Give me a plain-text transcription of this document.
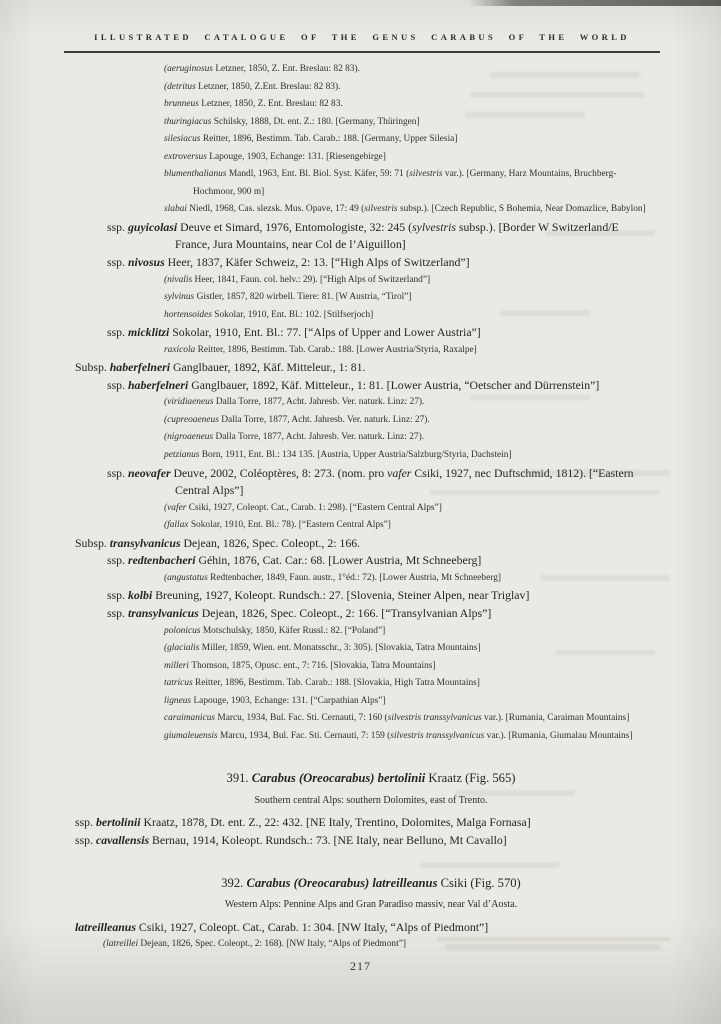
ILLUSTRATED CATALOGUE OF THE GENUS CARABUS OF THE WORLD
(aeruginosus Letzner, 1850, Z. Ent. Breslau: 82 83).
(detritus Letzner, 1850, Z.Ent. Breslau: 82 83).
brunneus Letzner, 1850, Z. Ent. Breslau: 82 83.
thuringiacus Schilsky, 1888, Dt. ent. Z.: 180. [Germany, Thüringen]
silesiacus Reitter, 1896, Bestimm. Tab. Carab.: 188. [Germany, Upper Silesia]
extroversus Lapouge, 1903, Echange: 131. [Riesengebirge]
blumenthalianus Mandl, 1963, Ent. Bl. Biol. Syst. Käfer, 59: 71 (silvestris var.). [Germany, Harz Mountains, Bruchberg-
Hochmoor, 900 m]
slabai Niedl, 1968, Cas. slezsk. Mus. Opave, 17: 49 (silvestris subsp.). [Czech Republic, S Bohemia, Near Domazlice, Babylon]
ssp. guyicolasi Deuve et Simard, 1976, Entomologiste, 32: 245 (sylvestris subsp.). [Border W Switzerland/E
France, Jura Mountains, near Col de l’Aiguillon]
ssp. nivosus Heer, 1837, Käfer Schweiz, 2: 13. [“High Alps of Switzerland”]
(nivalis Heer, 1841, Faun. col. helv.: 29). [“High Alps of Switzerland”]
sylvinus Gistler, 1857, 820 wirbell. Tiere: 81. [W Austria, “Tirol”]
hortensoides Sokolar, 1910, Ent. Bl.: 102. [Stilfserjoch]
ssp. micklitzi Sokolar, 1910, Ent. Bl.: 77. [“Alps of Upper and Lower Austria”]
raxicola Reitter, 1896, Bestimm. Tab. Carab.: 188. [Lower Austria/Styria, Raxalpe]
Subsp. haberfelneri Ganglbauer, 1892, Käf. Mitteleur., 1: 81.
ssp. haberfelneri Ganglbauer, 1892, Käf. Mitteleur., 1: 81. [Lower Austria, “Oetscher and Dürrenstein”]
(viridiaeneus Dalla Torre, 1877, Acht. Jahresb. Ver. naturk. Linz: 27).
(cupreoaeneus Dalla Torre, 1877, Acht. Jahresb. Ver. naturk. Linz: 27).
(nigroaeneus Dalla Torre, 1877, Acht. Jahresb. Ver. naturk. Linz: 27).
petzianus Born, 1911, Ent. Bl.: 134 135. [Austria, Upper Austria/Salzburg/Styria, Dachstein]
ssp. neovafer Deuve, 2002, Coléoptères, 8: 273. (nom. pro vafer Csiki, 1927, nec Duftschmid, 1812). [“Eastern
Central Alps”]
(vafer Csiki, 1927, Coleopt. Cat., Carab. 1: 298). [“Eastern Central Alps”]
(fallax Sokolar, 1910, Ent. Bl.: 78). [“Eastern Central Alps”]
Subsp. transylvanicus Dejean, 1826, Spec. Coleopt., 2: 166.
ssp. redtenbacheri Géhin, 1876, Cat. Car.: 68. [Lower Austria, Mt Schneeberg]
(angustatus Redtenbacher, 1849, Faun. austr., 1°éd.: 72). [Lower Austria, Mt Schneeberg]
ssp. kolbi Breuning, 1927, Koleopt. Rundsch.: 27. [Slovenia, Steiner Alpen, near Triglav]
ssp. transylvanicus Dejean, 1826, Spec. Coleopt., 2: 166. [“Transylvanian Alps”]
polonicus Motschulsky, 1850, Käfer Russl.: 82. [“Poland”]
(glacialis Miller, 1859, Wien. ent. Monatsschr., 3: 305). [Slovakia, Tatra Mountains]
milleri Thomson, 1875, Opusc. ent., 7: 716. [Slovakia, Tatra Mountains]
tatricus Reitter, 1896, Bestimm. Tab. Carab.: 188. [Slovakia, High Tatra Mountains]
ligneus Lapouge, 1903, Echange: 131. [“Carpathian Alps”]
caraimanicus Marcu, 1934, Bul. Fac. Sti. Cernauti, 7: 160 (silvestris transsylvanicus var.). [Rumania, Caraiman Mountains]
giumaleuensis Marcu, 1934, Bul. Fac. Sti. Cernauti, 7: 159 (silvestris transsylvanicus var.). [Rumania, Giumalau Mountains]
391. Carabus (Oreocarabus) bertolinii Kraatz (Fig. 565)
Southern central Alps: southern Dolomites, east of Trento.
ssp. bertolinii Kraatz, 1878, Dt. ent. Z., 22: 432. [NE Italy, Trentino, Dolomites, Malga Fornasa]
ssp. cavallensis Bernau, 1914, Koleopt. Rundsch.: 73. [NE Italy, near Belluno, Mt Cavallo]
392. Carabus (Oreocarabus) latreilleanus Csiki (Fig. 570)
Western Alps: Pennine Alps and Gran Paradiso massiv, near Val d’Aosta.
latreilleanus Csiki, 1927, Coleopt. Cat., Carab. 1: 304. [NW Italy, “Alps of Piedmont”]
(latreillei Dejean, 1826, Spec. Coleopt., 2: 168). [NW Italy, “Alps of Piedmont”]
217
